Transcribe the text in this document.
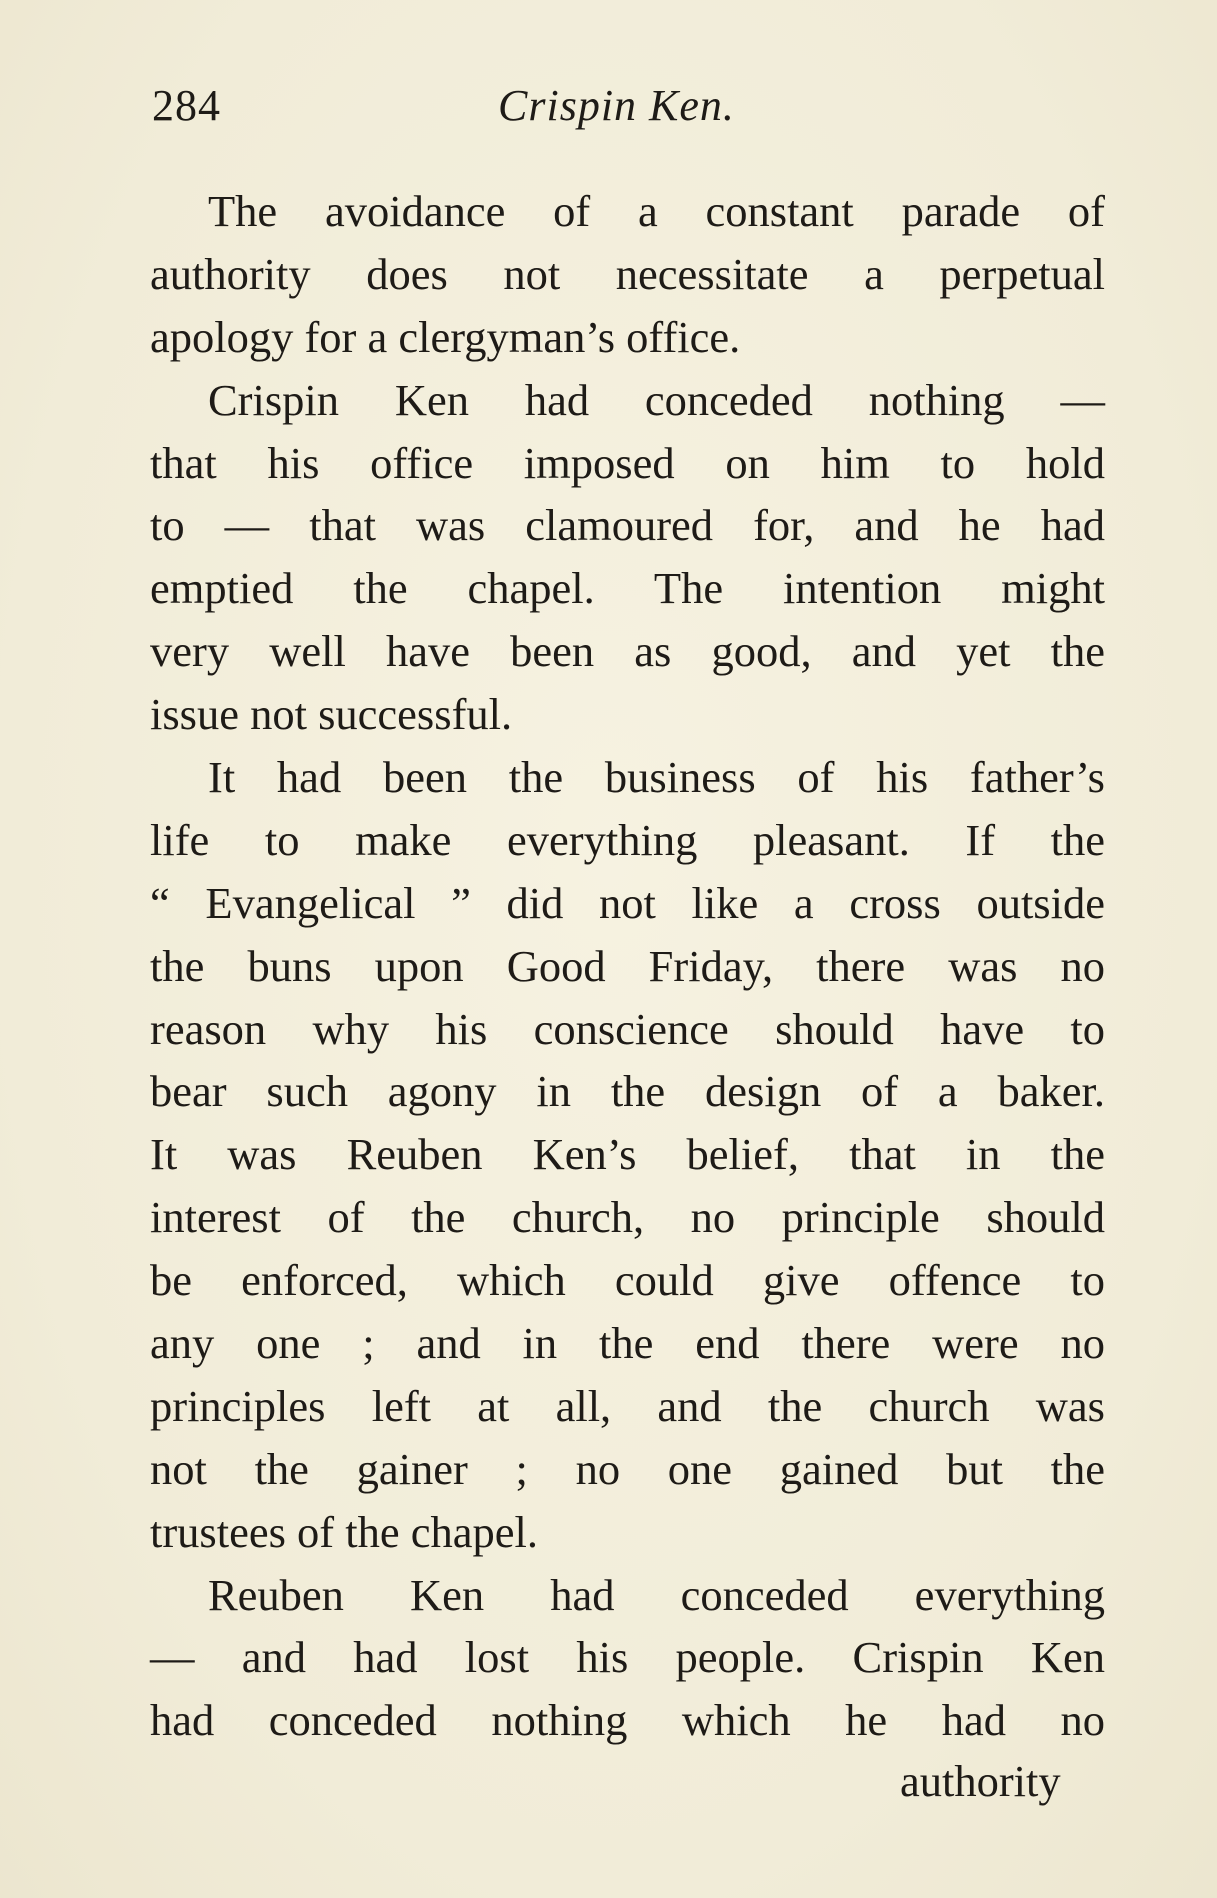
284	Crispin Ken.
The avoidance of a constant parade of
authority does not necessitate a perpetual
apology for a clergyman’s office.
Crispin Ken had conceded nothing —
that his office imposed on him to hold
to — that was clamoured for, and he had
emptied the chapel. The intention might
very well have been as good, and yet the
issue not successful.
It had been the business of his father’s
life to make everything pleasant. If the
“ Evangelical ” did not like a cross outside
the buns upon Good Friday, there was no
reason why his conscience should have to
bear such agony in the design of a baker.
It was Reuben Ken’s belief, that in the
interest of the church, no principle should
be enforced, which could give offence to
any one ; and in the end there were no
principles left at all, and the church was
not the gainer ; no one gained but the
trustees of the chapel.
Reuben Ken had conceded everything
— and had lost his people. Crispin Ken
had conceded nothing which he had no
authority
